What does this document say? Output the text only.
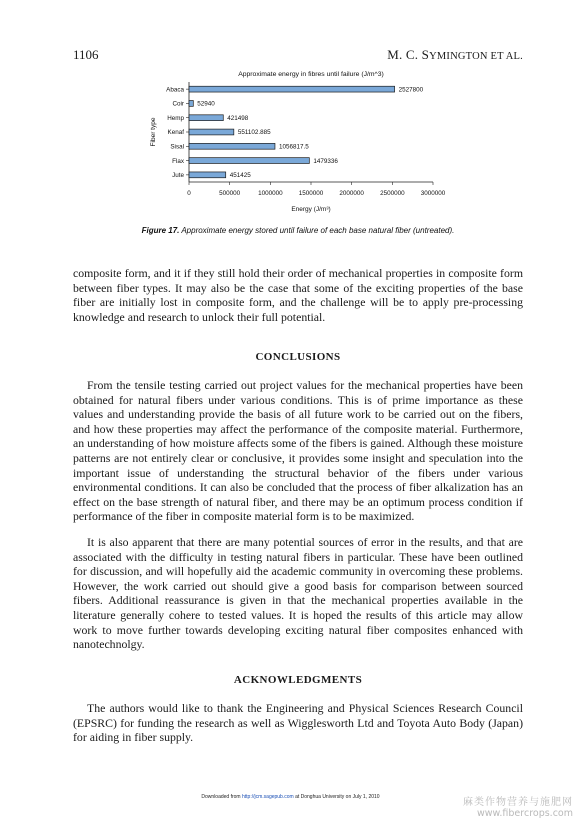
1106	M. C. SYMINGTON ET AL.
Approximate energy in fibres until failure (J/m^3)
Abaca	2527800
Coir 52940
Hemp	421498
Kenaf	551102.885
Sisal	1056817.5
Flax	1479336
Jute	451425
0	500000	1000000	1500000	2000000	2500000	3000000
Energy (J/m³)
Fiber type
Figure 17. Approximate energy stored until failure of each base natural fiber (untreated).

composite form, and it if they still hold their order of mechanical properties in composite form between fiber types. It may also be the case that some of the exciting properties of the base fiber are initially lost in composite form, and the challenge will be to apply pre-processing knowledge and research to unlock their full potential.

CONCLUSIONS

From the tensile testing carried out project values for the mechanical properties have been obtained for natural fibers under various conditions. This is of prime importance as these values and understanding provide the basis of all future work to be carried out on the fibers, and how these properties may affect the performance of the composite material. Furthermore, an understanding of how moisture affects some of the fibers is gained. Although these moisture patterns are not entirely clear or conclusive, it provides some insight and speculation into the important issue of understanding the structural behavior of the fibers under various environmental conditions. It can also be concluded that the process of fiber alkalization has an effect on the base strength of natural fiber, and there may be an optimum process condition if performance of the fiber in composite material form is to be maximized.

It is also apparent that there are many potential sources of error in the results, and that are associated with the difficulty in testing natural fibers in particular. These have been outlined for discussion, and will hopefully aid the academic community in overcoming these problems. However, the work carried out should give a good basis for comparison between sourced fibers. Additional reassurance is given in that the mechanical properties available in the literature generally cohere to tested values. It is hoped the results of this article may allow work to move further towards developing exciting natural fiber composites enhanced with nanotechnolgy.

ACKNOWLEDGMENTS

The authors would like to thank the Engineering and Physical Sciences Research Council (EPSRC) for funding the research as well as Wigglesworth Ltd and Toyota Auto Body (Japan) for aiding in fiber supply.

Downloaded from http://jcm.sagepub.com at Donghua University on July 1, 2010	麻类作物营养与施肥网
www.fibercrops.com
